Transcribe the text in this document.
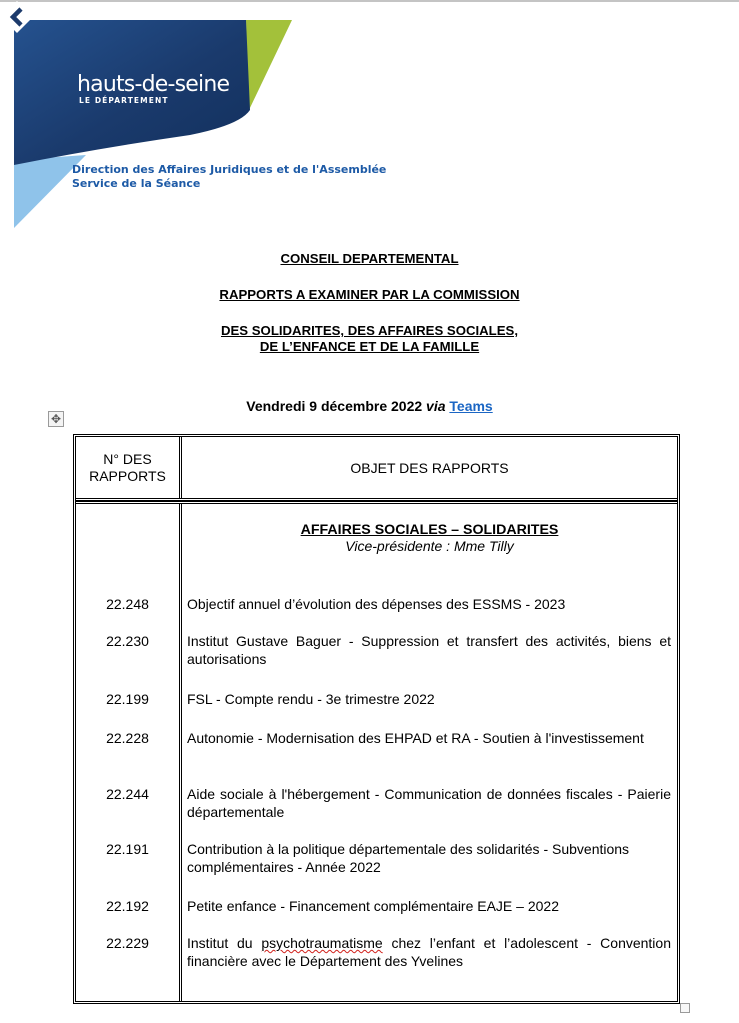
hauts-de-seine
LE DÉPARTEMENT
Direction des Affaires Juridiques et de l'Assemblée
Service de la Séance
CONSEIL DEPARTEMENTAL
RAPPORTS A EXAMINER PAR LA COMMISSION
DES SOLIDARITES, DES AFFAIRES SOCIALES,
DE L’ENFANCE ET DE LA FAMILLE
Vendredi 9 décembre 2022 via Teams
✥
N° DES
RAPPORTS	OBJET DES RAPPORTS
AFFAIRES SOCIALES – SOLIDARITES
Vice-présidente : Mme Tilly
22.248	Objectif annuel d’évolution des dépenses des ESSMS - 2023
22.230	Institut Gustave Baguer - Suppression et transfert des activités, biens et autorisations
22.199	FSL - Compte rendu - 3e trimestre 2022
22.228	Autonomie - Modernisation des EHPAD et RA - Soutien à l'investissement
22.244	Aide sociale à l'hébergement - Communication de données fiscales - Paierie départementale
22.191	Contribution à la politique départementale des solidarités - Subventions complémentaires - Année 2022
22.192	Petite enfance - Financement complémentaire EAJE – 2022
22.229	Institut du psychotraumatisme chez l’enfant et l’adolescent - Convention financière avec le Département des Yvelines
